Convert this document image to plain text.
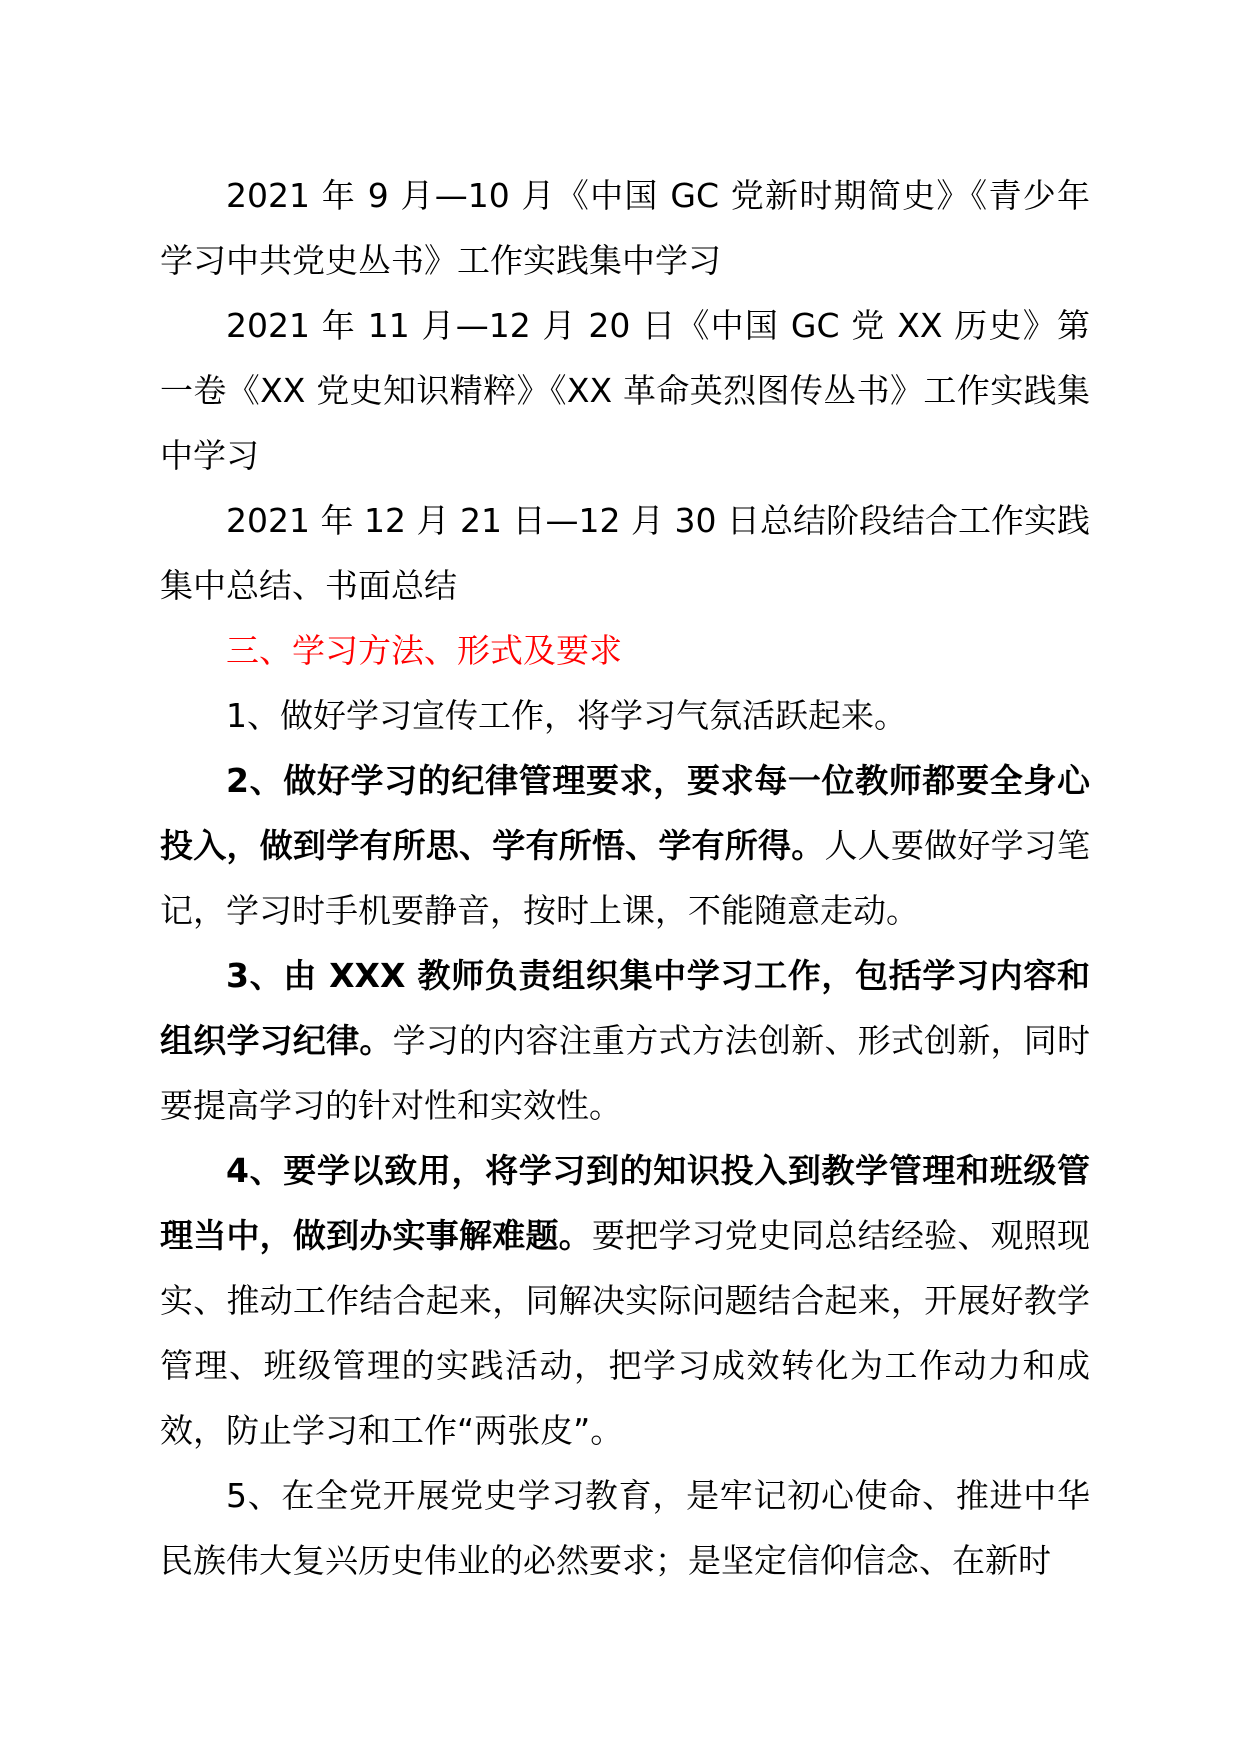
2021 年 9 月—10 月《中国 GC 党新时期简史》《青少年学习中共党史丛书》工作实践集中学习

2021 年 11 月—12 月 20 日《中国 GC 党 XX 历史》第一卷《XX 党史知识精粹》《XX 革命英烈图传丛书》工作实践集中学习

2021 年 12 月 21 日—12 月 30 日总结阶段结合工作实践集中总结、书面总结

三、学习方法、形式及要求

1、做好学习宣传工作，将学习气氛活跃起来。

2、做好学习的纪律管理要求，要求每一位教师都要全身心投入，做到学有所思、学有所悟、学有所得。人人要做好学习笔记，学习时手机要静音，按时上课，不能随意走动。

3、由 XXX 教师负责组织集中学习工作，包括学习内容和组织学习纪律。学习的内容注重方式方法创新、形式创新，同时要提高学习的针对性和实效性。

4、要学以致用，将学习到的知识投入到教学管理和班级管理当中，做到办实事解难题。要把学习党史同总结经验、观照现实、推动工作结合起来，同解决实际问题结合起来，开展好教学管理、班级管理的实践活动，把学习成效转化为工作动力和成效，防止学习和工作“两张皮”。

5、在全党开展党史学习教育，是牢记初心使命、推进中华民族伟大复兴历史伟业的必然要求；是坚定信仰信念、在新时
